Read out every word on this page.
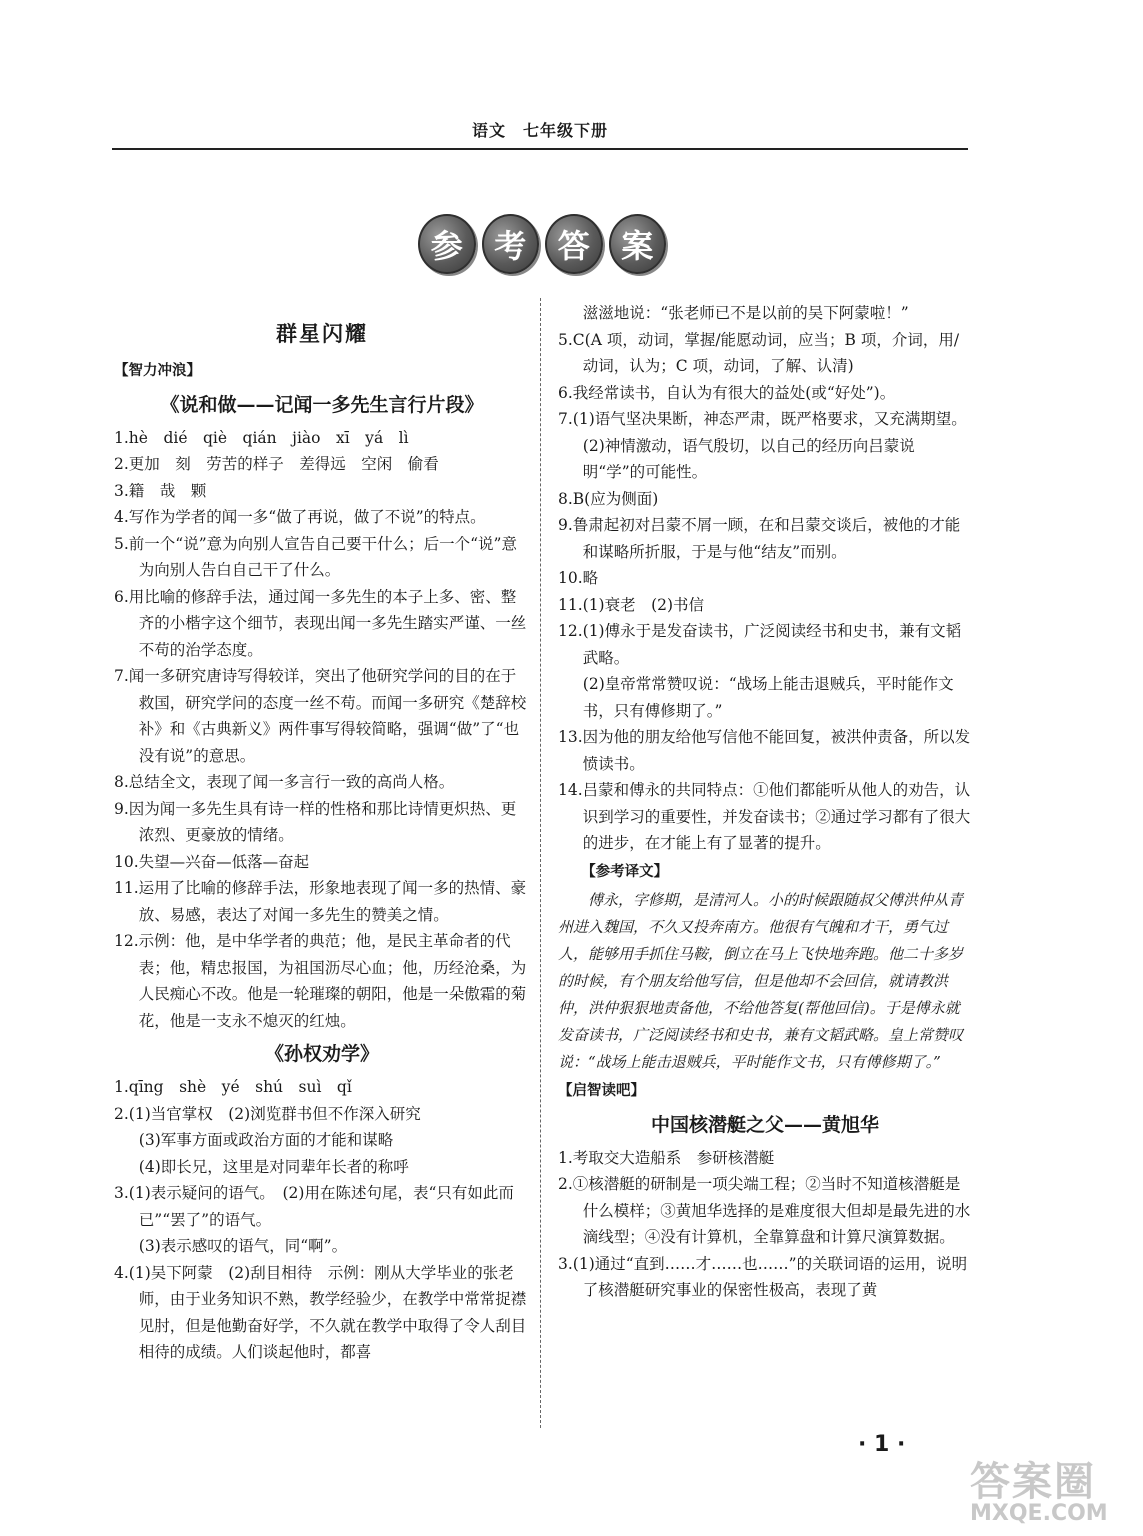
语文　七年级下册
参 考 答 案
群星闪耀
【智力冲浪】
《说和做——记闻一多先生言行片段》

1.hè　dié　qiè　qián　jiào　xī　yá　lì

2.更加　刻　劳苦的样子　差得远　空闲　偷看

3.籍　哉　颗

4.写作为学者的闻一多“做了再说，做了不说”的特点。

5.前一个“说”意为向别人宣告自己要干什么；后一个“说”意为向别人告白自己干了什么。

6.用比喻的修辞手法，通过闻一多先生的本子上多、密、整齐的小楷字这个细节，表现出闻一多先生踏实严谨、一丝不苟的治学态度。

7.闻一多研究唐诗写得较详，突出了他研究学问的目的在于救国，研究学问的态度一丝不苟。而闻一多研究《楚辞校补》和《古典新义》两件事写得较简略，强调“做”了“也没有说”的意思。

8.总结全文，表现了闻一多言行一致的高尚人格。

9.因为闻一多先生具有诗一样的性格和那比诗情更炽热、更浓烈、更豪放的情绪。

10.失望—兴奋—低落—奋起

11.运用了比喻的修辞手法，形象地表现了闻一多的热情、豪放、易感，表达了对闻一多先生的赞美之情。

12.示例：他，是中华学者的典范；他，是民主革命者的代表；他，精忠报国，为祖国沥尽心血；他，历经沧桑，为人民痴心不改。他是一轮璀璨的朝阳，他是一朵傲霜的菊花，他是一支永不熄灭的红烛。

《孙权劝学》

1.qīng　shè　yé　shú　suì　qǐ

2.(1)当官掌权　(2)浏览群书但不作深入研究

(3)军事方面或政治方面的才能和谋略

(4)即长兄，这里是对同辈年长者的称呼

3.(1)表示疑问的语气。　(2)用在陈述句尾，表“只有如此而已”“罢了”的语气。

(3)表示感叹的语气，同“啊”。

4.(1)吴下阿蒙　(2)刮目相待　示例：刚从大学毕业的张老师，由于业务知识不熟，教学经验少，在教学中常常捉襟见肘，但是他勤奋好学，不久就在教学中取得了令人刮目相待的成绩。人们谈起他时，都喜

滋滋地说：“张老师已不是以前的吴下阿蒙啦！”

5.C(A 项，动词，掌握/能愿动词，应当；B 项，介词，用/动词，认为；C 项，动词，了解、认清)

6.我经常读书，自认为有很大的益处(或“好处”)。

7.(1)语气坚决果断，神态严肃，既严格要求，又充满期望。　(2)神情激动，语气殷切，以自己的经历向吕蒙说明“学”的可能性。

8.B(应为侧面)

9.鲁肃起初对吕蒙不屑一顾，在和吕蒙交谈后，被他的才能和谋略所折服，于是与他“结友”而别。

10.略

11.(1)衰老　(2)书信

12.(1)傅永于是发奋读书，广泛阅读经书和史书，兼有文韬武略。

(2)皇帝常常赞叹说：“战场上能击退贼兵，平时能作文书，只有傅修期了。”

13.因为他的朋友给他写信他不能回复，被洪仲责备，所以发愤读书。

14.吕蒙和傅永的共同特点：①他们都能听从他人的劝告，认识到学习的重要性，并发奋读书；②通过学习都有了很大的进步，在才能上有了显著的提升。

【参考译文】

傅永，字修期，是清河人。小的时候跟随叔父傅洪仲从青州进入魏国，不久又投奔南方。他很有气魄和才干，勇气过人，能够用手抓住马鞍，倒立在马上飞快地奔跑。他二十多岁的时候，有个朋友给他写信，但是他却不会回信，就请教洪仲，洪仲狠狠地责备他，不给他答复(帮他回信)。于是傅永就发奋读书，广泛阅读经书和史书，兼有文韬武略。皇上常赞叹说：“战场上能击退贼兵，平时能作文书，只有傅修期了。”

【启智读吧】
中国核潜艇之父——黄旭华

1.考取交大造船系　参研核潜艇

2.①核潜艇的研制是一项尖端工程；②当时不知道核潜艇是什么模样；③黄旭华选择的是难度很大但却是最先进的水滴线型；④没有计算机，全靠算盘和计算尺演算数据。

3.(1)通过“直到……才……也……”的关联词语的运用，说明了核潜艇研究事业的保密性极高，表现了黄

· 1 ·
答案圈
MXQE.COM
